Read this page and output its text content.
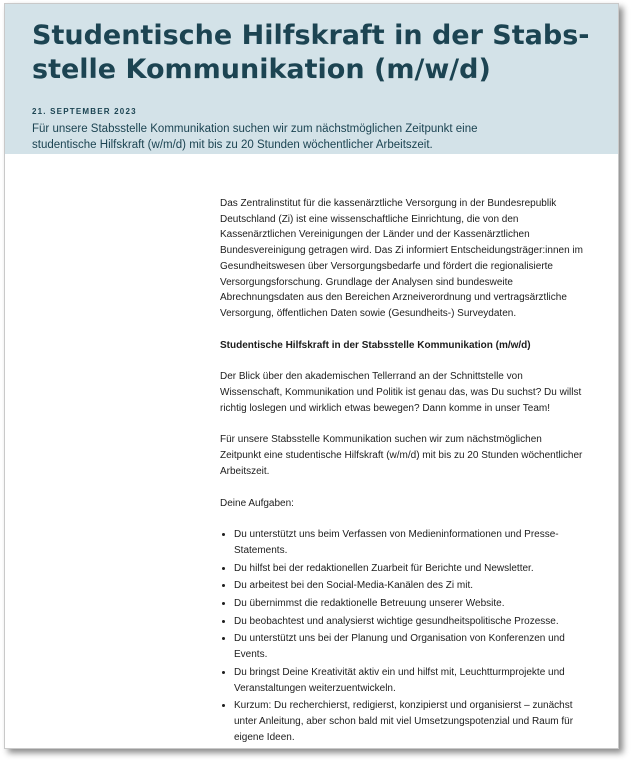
Studentische Hilfskraft in der Stabs-stelle Kommunikation (m/w/d)
21. SEPTEMBER 2023
Für unsere Stabsstelle Kommunikation suchen wir zum nächstmöglichen Zeitpunkt eine studentische Hilfskraft (w/m/d) mit bis zu 20 Stunden wöchentlicher Arbeitszeit.

Das Zentralinstitut für die kassenärztliche Versorgung in der Bundesrepublik Deutschland (Zi) ist eine wissenschaftliche Einrichtung, die von den Kassenärztlichen Vereinigungen der Länder und der Kassenärztlichen Bundesvereinigung getragen wird. Das Zi informiert Entscheidungsträger:innen im Gesundheitswesen über Versorgungsbedarfe und fördert die regionalisierte Versorgungsforschung. Grundlage der Analysen sind bundesweite Abrechnungsdaten aus den Bereichen Arzneiverordnung und vertragsärztliche Versorgung, öffentlichen Daten sowie (Gesundheits-) Surveydaten.

Studentische Hilfskraft in der Stabsstelle Kommunikation (m/w/d)

Der Blick über den akademischen Tellerrand an der Schnittstelle von Wissenschaft, Kommunikation und Politik ist genau das, was Du suchst? Du willst richtig loslegen und wirklich etwas bewegen? Dann komme in unser Team!

Für unsere Stabsstelle Kommunikation suchen wir zum nächstmöglichen Zeitpunkt eine studentische Hilfskraft (w/m/d) mit bis zu 20 Stunden wöchentlicher Arbeitszeit.

Deine Aufgaben:

• Du unterstützt uns beim Verfassen von Medieninformationen und Presse-Statements.
• Du hilfst bei der redaktionellen Zuarbeit für Berichte und Newsletter.
• Du arbeitest bei den Social-Media-Kanälen des Zi mit.
• Du übernimmst die redaktionelle Betreuung unserer Website.
• Du beobachtest und analysierst wichtige gesundheitspolitische Prozesse.
• Du unterstützt uns bei der Planung und Organisation von Konferenzen und Events.
• Du bringst Deine Kreativität aktiv ein und hilfst mit, Leuchtturmprojekte und Veranstaltungen weiterzuentwickeln.
• Kurzum: Du recherchierst, redigierst, konzipierst und organisierst – zunächst unter Anleitung, aber schon bald mit viel Umsetzungspotenzial und Raum für eigene Ideen.
